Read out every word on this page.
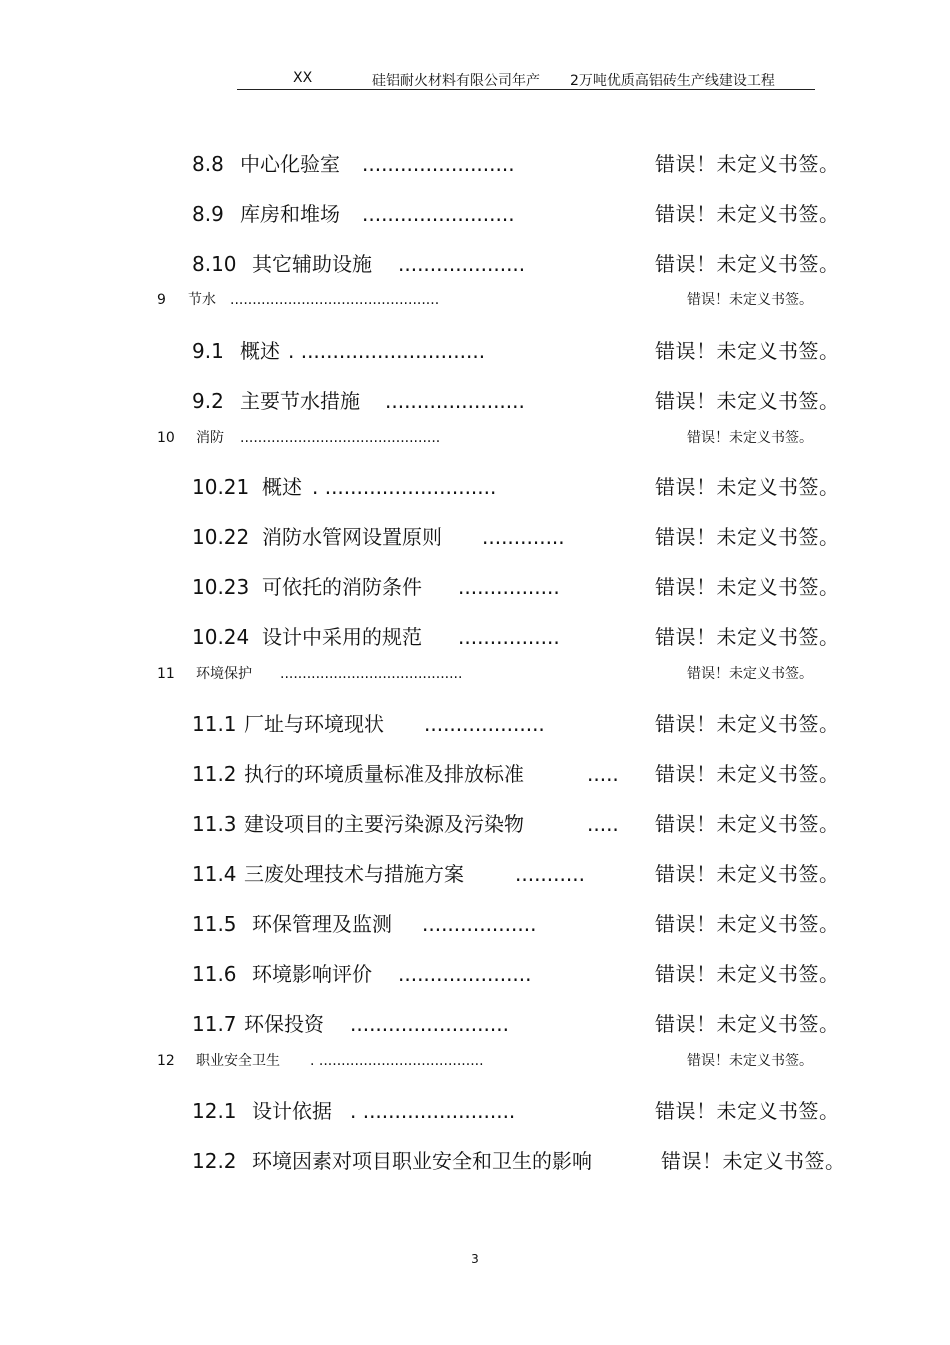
XX	硅铝耐火材料有限公司年产 2万吨优质高铝砖生产线建设工程
8.8 中心化验室 ........................	错误！未定义书签。
8.9 库房和堆场 ........................	错误！未定义书签。
8.10 其它辅助设施 ....................	错误！未定义书签。
9 节水 ...............................................	错误！未定义书签。
9.1 概述 . .............................	错误！未定义书签。
9.2 主要节水措施 ......................	错误！未定义书签。
10 消防 .............................................	错误！未定义书签。
10.21 概述 . ...........................	错误！未定义书签。
10.22 消防水管网设置原则 .............	错误！未定义书签。
10.23 可依托的消防条件 ................	错误！未定义书签。
10.24 设计中采用的规范 ................	错误！未定义书签。
11 环境保护 .........................................	错误！未定义书签。
11.1 厂址与环境现状 ...................	错误！未定义书签。
11.2 执行的环境质量标准及排放标准	..... 错误！未定义书签。
11.3 建设项目的主要污染源及污染物	..... 错误！未定义书签。
11.4 三废处理技术与措施方案	...........	错误！未定义书签。
11.5 环保管理及监测 ..................	错误！未定义书签。
11.6 环境影响评价 .....................	错误！未定义书签。
11.7 环保投资 .........................	错误！未定义书签。
12 职业安全卫生 . .....................................	错误！未定义书签。
12.1 设计依据 . ........................	错误！未定义书签。
12.2 环境因素对项目职业安全和卫生的影响	错误！未定义书签。
3
